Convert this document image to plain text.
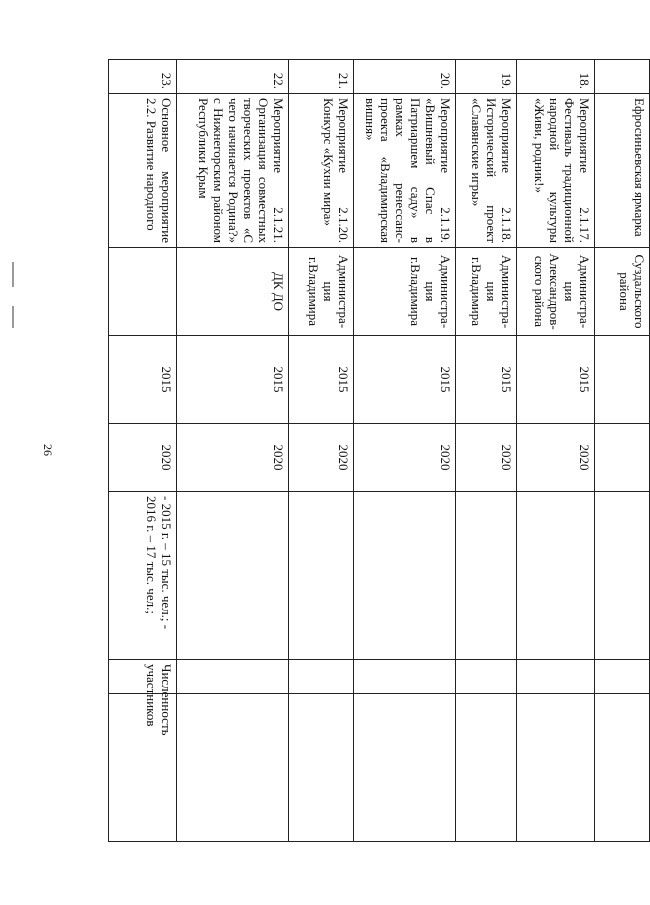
26
	Ефросиньевская ярмарка	Суздальского района					
18.	Мероприятие 2.1.17. Фестиваль традиционной народной культуры «Живи, родник!»	Администра-ция Александров-ского района	2015	2020			
19.	Мероприятие 2.1.18. Исторический проект «Славянские игры»	Администра-ция г.Владимира	2015	2020			
20.	Мероприятие 2.1.19. «Вишневый Спас в Патриаршем саду» в рамках ренессанс-проекта «Владимирская вишня»	Администра-ция г.Владимира	2015	2020			
21.	Мероприятие 2.1.20. Конкурс «Кухни мира»	Администра-ция г.Владимира	2015	2020			
22.	Мероприятие 2.1.21. Организация совместных творческих проектов «С чего начинается Родина?» с Нижнегорским районом Республики Крым	ДК ДО	2015	2020			
23.	Основное мероприятие 2.2. Развитие народного		2015	2020	- 2015 г. – 15 тыс. чел.; - 2016 г. – 17 тыс. чел.;	Численность участников	
